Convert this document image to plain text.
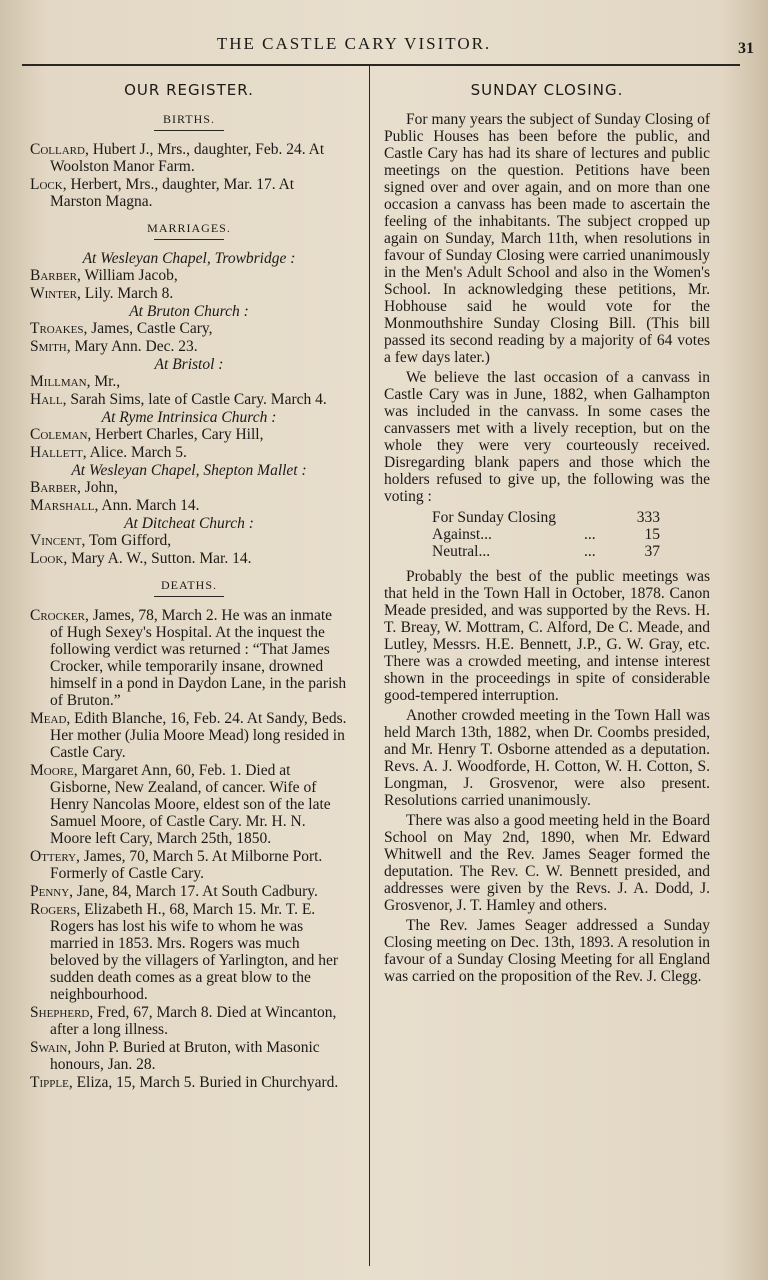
THE CASTLE CARY VISITOR.	31
OUR REGISTER.
BIRTHS.
Collard, Hubert J., Mrs., daughter, Feb. 24. At Woolston Manor Farm.
Lock, Herbert, Mrs., daughter, Mar. 17. At Marston Magna.
MARRIAGES.
At Wesleyan Chapel, Trowbridge :
Barber, William Jacob,
Winter, Lily. March 8.
At Bruton Church :
Troakes, James, Castle Cary,
Smith, Mary Ann. Dec. 23.
At Bristol :
Millman, Mr.,
Hall, Sarah Sims, late of Castle Cary. March 4.
At Ryme Intrinsica Church :
Coleman, Herbert Charles, Cary Hill,
Hallett, Alice. March 5.
At Wesleyan Chapel, Shepton Mallet :
Barber, John,
Marshall, Ann. March 14.
At Ditcheat Church :
Vincent, Tom Gifford,
Look, Mary A. W., Sutton. Mar. 14.
DEATHS.
Crocker, James, 78, March 2. He was an inmate of Hugh Sexey's Hospital. At the inquest the following verdict was returned : “That James Crocker, while temporarily insane, drowned himself in a pond in Daydon Lane, in the parish of Bruton.”
Mead, Edith Blanche, 16, Feb. 24. At Sandy, Beds. Her mother (Julia Moore Mead) long resided in Castle Cary.
Moore, Margaret Ann, 60, Feb. 1. Died at Gisborne, New Zealand, of cancer. Wife of Henry Nancolas Moore, eldest son of the late Samuel Moore, of Castle Cary. Mr. H. N. Moore left Cary, March 25th, 1850.
Ottery, James, 70, March 5. At Milborne Port. Formerly of Castle Cary.
Penny, Jane, 84, March 17. At South Cadbury.
Rogers, Elizabeth H., 68, March 15. Mr. T. E. Rogers has lost his wife to whom he was married in 1853. Mrs. Rogers was much beloved by the villagers of Yarlington, and her sudden death comes as a great blow to the neighbourhood.
Shepherd, Fred, 67, March 8. Died at Wincanton, after a long illness.
Swain, John P. Buried at Bruton, with Masonic honours, Jan. 28.
Tipple, Eliza, 15, March 5. Buried in Churchyard.
SUNDAY CLOSING.

For many years the subject of Sunday Closing of Public Houses has been before the public, and Castle Cary has had its share of lectures and public meetings on the question. Petitions have been signed over and over again, and on more than one occasion a canvass has been made to ascertain the feeling of the inhabitants. The subject cropped up again on Sunday, March 11th, when resolutions in favour of Sunday Closing were carried unanimously in the Men's Adult School and also in the Women's School. In acknowledging these petitions, Mr. Hobhouse said he would vote for the Monmouthshire Sunday Closing Bill. (This bill passed its second reading by a majority of 64 votes a few days later.)

We believe the last occasion of a canvass in Castle Cary was in June, 1882, when Galhampton was included in the canvass. In some cases the canvassers met with a lively reception, but on the whole they were very courteously received. Disregarding blank papers and those which the holders refused to give up, the following was the voting :

For Sunday Closing	333
Against...	...	15
Neutral...	...	37

Probably the best of the public meetings was that held in the Town Hall in October, 1878. Canon Meade presided, and was supported by the Revs. H. T. Breay, W. Mottram, C. Alford, De C. Meade, and Lutley, Messrs. H.E. Bennett, J.P., G. W. Gray, etc. There was a crowded meeting, and intense interest shown in the proceedings in spite of considerable good-tempered interruption.

Another crowded meeting in the Town Hall was held March 13th, 1882, when Dr. Coombs presided, and Mr. Henry T. Osborne attended as a deputation. Revs. A. J. Woodforde, H. Cotton, W. H. Cotton, S. Longman, J. Grosvenor, were also present. Resolutions carried unanimously.

There was also a good meeting held in the Board School on May 2nd, 1890, when Mr. Edward Whitwell and the Rev. James Seager formed the deputation. The Rev. C. W. Bennett presided, and addresses were given by the Revs. J. A. Dodd, J. Grosvenor, J. T. Hamley and others.

The Rev. James Seager addressed a Sunday Closing meeting on Dec. 13th, 1893. A resolution in favour of a Sunday Closing Meeting for all England was carried on the proposition of the Rev. J. Clegg.
